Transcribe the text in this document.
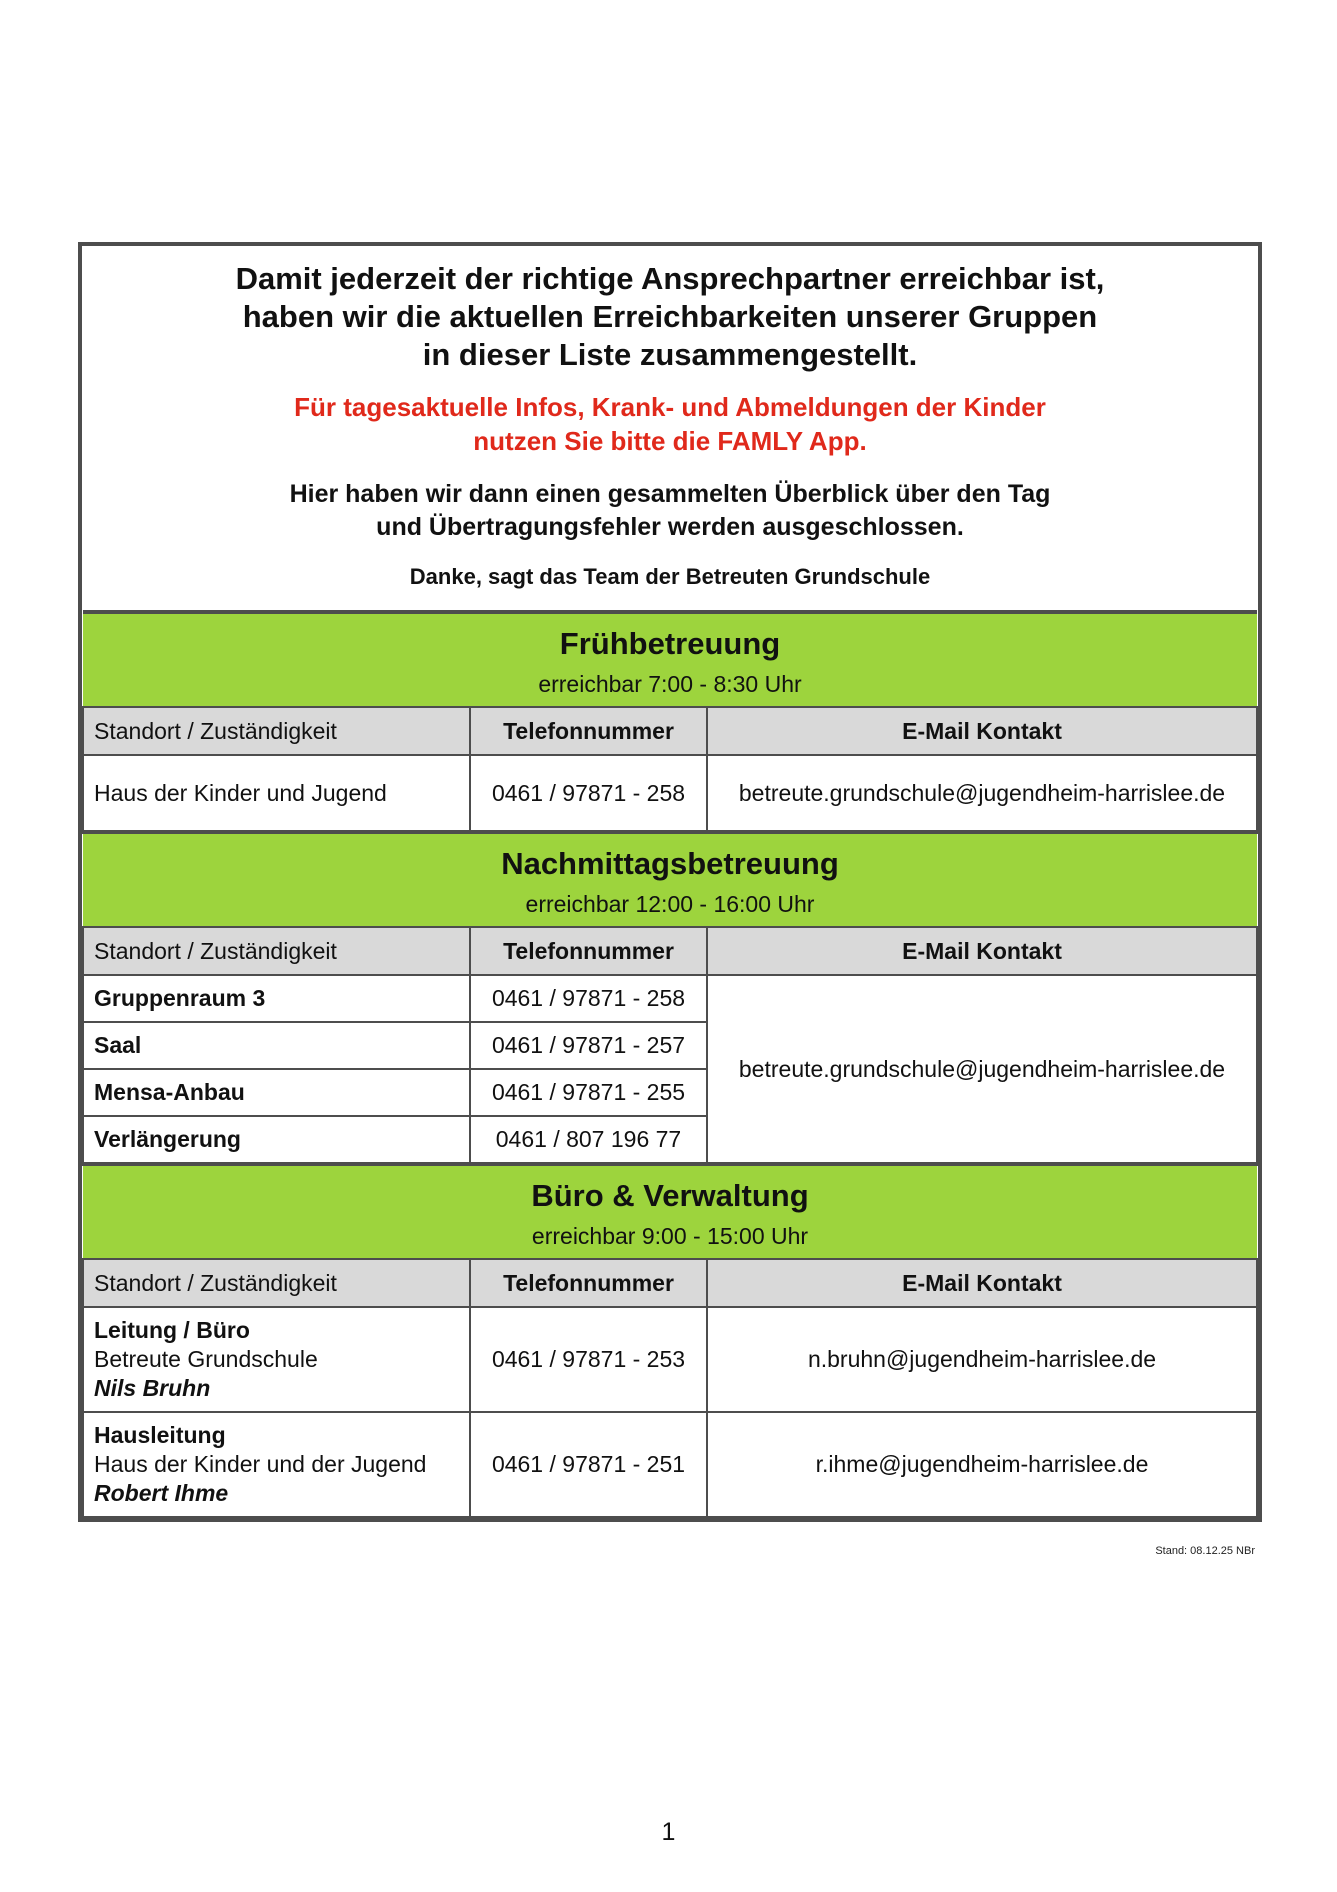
Damit jederzeit der richtige Ansprechpartner erreichbar ist,
haben wir die aktuellen Erreichbarkeiten unserer Gruppen
in dieser Liste zusammengestellt.

Für tagesaktuelle Infos, Krank- und Abmeldungen der Kinder
nutzen Sie bitte die FAMLY App.

Hier haben wir dann einen gesammelten Überblick über den Tag
und Übertragungsfehler werden ausgeschlossen.

Danke, sagt das Team der Betreuten Grundschule
Frühbetreuung		
erreichbar 7:00 - 8:30 Uhr		
Standort / Zuständigkeit	Telefonnummer	E-Mail Kontakt
Haus der Kinder und Jugend	0461 / 97871 - 258	betreute.grundschule@jugendheim-harrislee.de
Nachmittagsbetreuung		
erreichbar 12:00 - 16:00 Uhr		
Standort / Zuständigkeit	Telefonnummer	E-Mail Kontakt
Gruppenraum 3	0461 / 97871 - 258	betreute.grundschule@jugendheim-harrislee.de
Saal	0461 / 97871 - 257	
Mensa-Anbau	0461 / 97871 - 255	
Verlängerung	0461 / 807 196 77	
Büro & Verwaltung		
erreichbar 9:00 - 15:00 Uhr		
Standort / Zuständigkeit	Telefonnummer	E-Mail Kontakt

Leitung / Büro
Betreute Grundschule
Nils Bruhn	0461 / 97871 - 253	n.bruhn@jugendheim-harrislee.de

Hausleitung
Haus der Kinder und der Jugend
Robert Ihme	0461 / 97871 - 251	r.ihme@jugendheim-harrislee.de
Stand: 08.12.25 NBr
1
